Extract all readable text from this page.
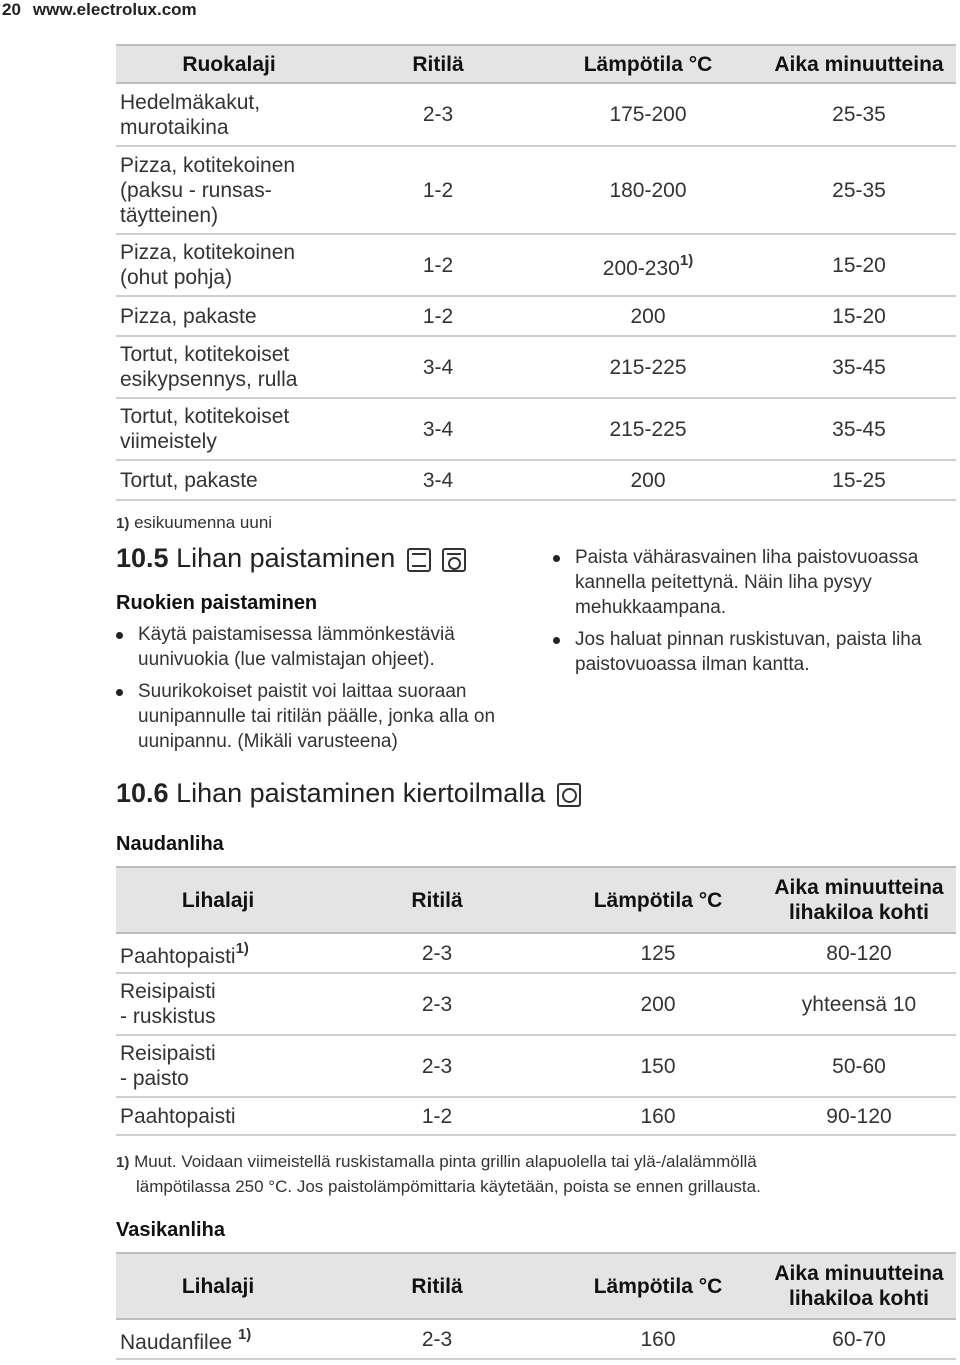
20 www.electrolux.com
Ruokalaji	Ritilä	Lämpötila °C	Aika minuutteina
Hedelmäkakut,
murotaikina	2-3	175-200	25-35
Pizza, kotitekoinen
(paksu - runsas-
täytteinen)	1-2	180-200	25-35
Pizza, kotitekoinen
(ohut pohja)	1-2	200-230$^{1)}$	15-20
Pizza, pakaste	1-2	200	15-20
Tortut, kotitekoiset
esikypsennys, rulla	3-4	215-225	35-45
Tortut, kotitekoiset
viimeistely	3-4	215-225	35-45
Tortut, pakaste	3-4	200	15-25
1) esikuumenna uuni
10.5 Lihan paistaminen

Ruokien paistaminen
Käytä paistamisessa lämmönkestäviä uunivuokia (lue valmistajan ohjeet).
Suurikokoiset paistit voi laittaa suoraan uunipannulle tai ritilän päälle, jonka alla on uunipannu. (Mikäli varusteena)
Paista vähärasvainen liha paistovuoassa kannella peitettynä. Näin liha pysyy mehukkaampana.
Jos haluat pinnan ruskistuvan, paista liha paistovuoassa ilman kantta.
10.6 Lihan paistaminen kiertoilmalla
Naudanliha
Lihalaji	Ritilä	Lämpötila °C	Aika minuutteina
lihakiloa kohti
Paahtopaisti$^{1)}$	2-3	125	80-120
Reisipaisti
- ruskistus	2-3	200	yhteensä 10
Reisipaisti
- paisto	2-3	150	50-60
Paahtopaisti	1-2	160	90-120
1) Muut. Voidaan viimeistellä ruskistamalla pinta grillin alapuolella tai ylä-/alalämmöllä
lämpötilassa 250 °C. Jos paistolämpömittaria käytetään, poista se ennen grillausta.
Vasikanliha
Lihalaji	Ritilä	Lämpötila °C	Aika minuutteina
lihakiloa kohti
Naudanfilee $^{1)}$	2-3	160	60-70
